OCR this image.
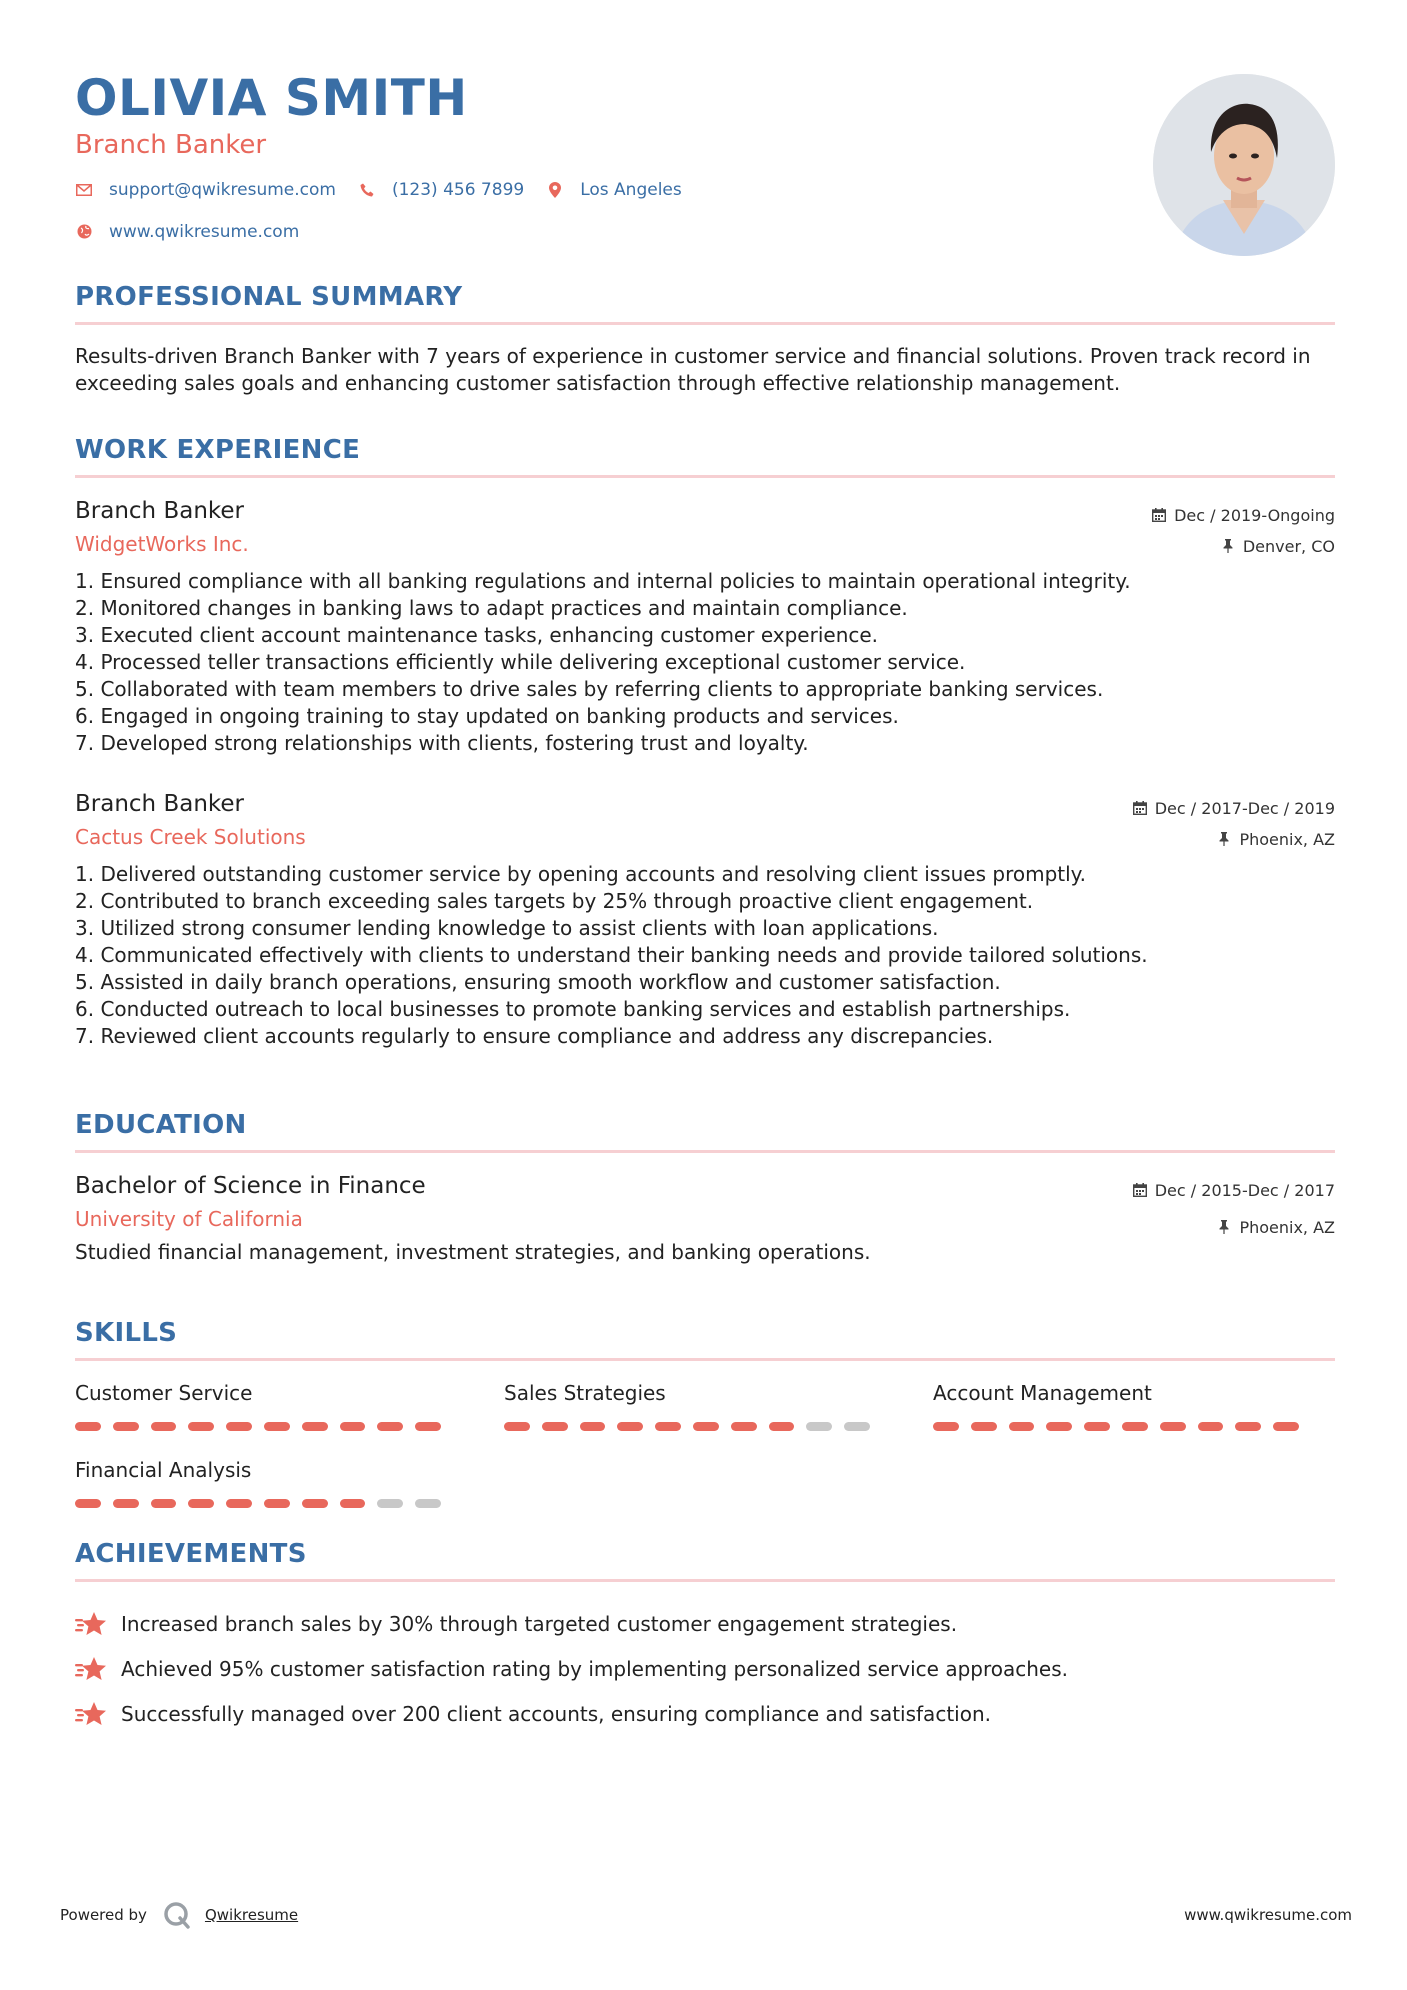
OLIVIA SMITH
Branch Banker
support@qwikresume.com	(123) 456 7899	Los Angeles
www.qwikresume.com
PROFESSIONAL SUMMARY
Results-driven Branch Banker with 7 years of experience in customer service and financial solutions. Proven track record in exceeding sales goals and enhancing customer satisfaction through effective relationship management.
WORK EXPERIENCE
Branch Banker
WidgetWorks Inc.
Dec / 2019-Ongoing
Denver, CO
1. Ensured compliance with all banking regulations and internal policies to maintain operational integrity.
2. Monitored changes in banking laws to adapt practices and maintain compliance.
3. Executed client account maintenance tasks, enhancing customer experience.
4. Processed teller transactions efficiently while delivering exceptional customer service.
5. Collaborated with team members to drive sales by referring clients to appropriate banking services.
6. Engaged in ongoing training to stay updated on banking products and services.
7. Developed strong relationships with clients, fostering trust and loyalty.
Branch Banker
Cactus Creek Solutions
Dec / 2017-Dec / 2019
Phoenix, AZ
1. Delivered outstanding customer service by opening accounts and resolving client issues promptly.
2. Contributed to branch exceeding sales targets by 25% through proactive client engagement.
3. Utilized strong consumer lending knowledge to assist clients with loan applications.
4. Communicated effectively with clients to understand their banking needs and provide tailored solutions.
5. Assisted in daily branch operations, ensuring smooth workflow and customer satisfaction.
6. Conducted outreach to local businesses to promote banking services and establish partnerships.
7. Reviewed client accounts regularly to ensure compliance and address any discrepancies.
EDUCATION
Bachelor of Science in Finance
University of California
Dec / 2015-Dec / 2017
Phoenix, AZ
Studied financial management, investment strategies, and banking operations.
SKILLS
Customer Service	Sales Strategies	Account Management
Financial Analysis
ACHIEVEMENTS
Increased branch sales by 30% through targeted customer engagement strategies.
Achieved 95% customer satisfaction rating by implementing personalized service approaches.
Successfully managed over 200 client accounts, ensuring compliance and satisfaction.
Powered by	Qwikresume	www.qwikresume.com
